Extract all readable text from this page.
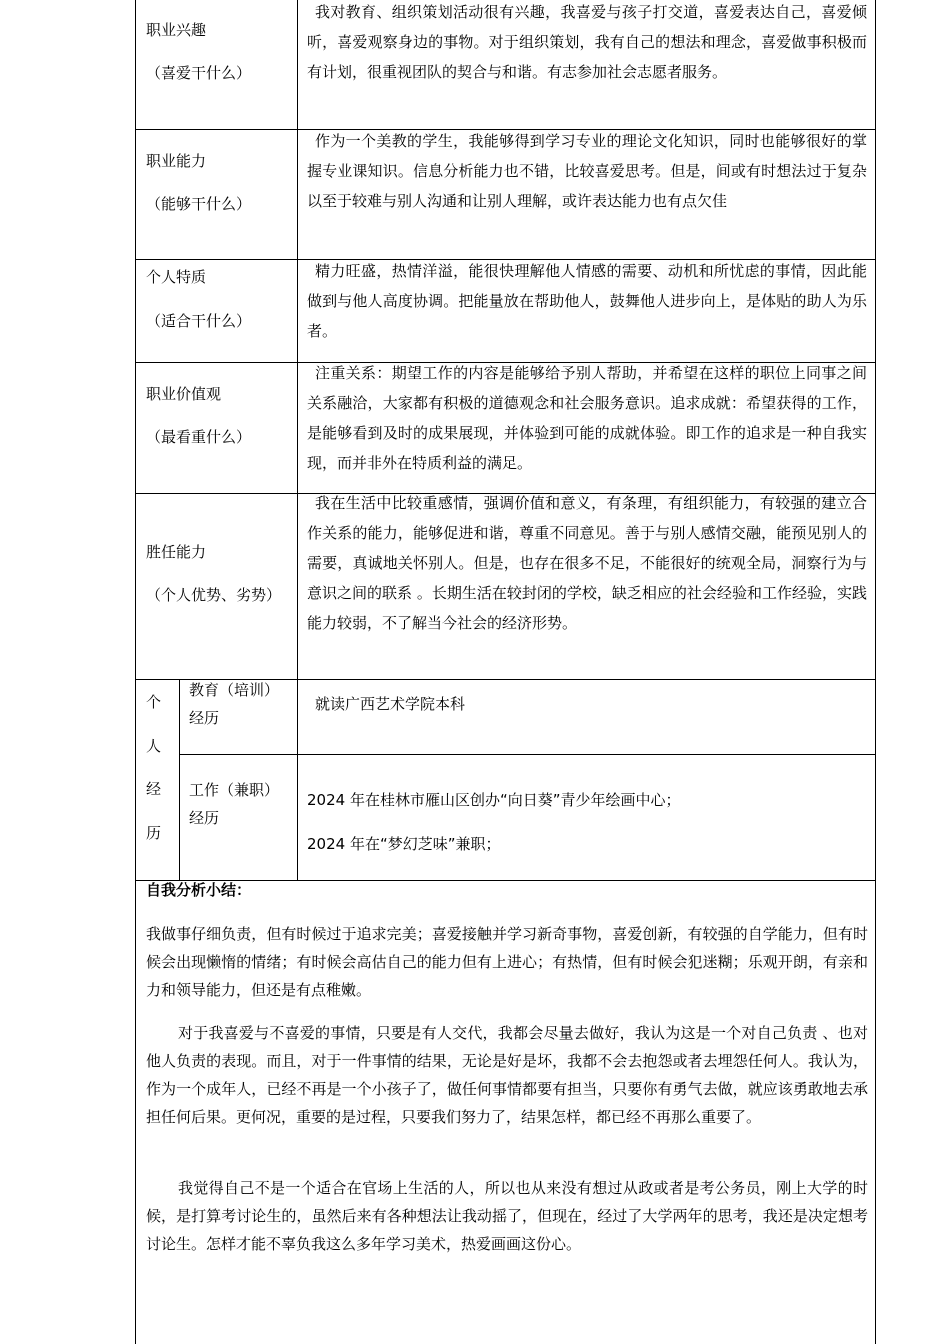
职业兴趣
（喜爱干什么）

我对教育、组织策划活动很有兴趣，我喜爱与孩子打交道，喜爱表达自己，喜爱倾听，喜爱观察身边的事物。对于组织策划，我有自己的想法和理念，喜爱做事积极而有计划，很重视团队的契合与和谐。有志参加社会志愿者服务。

职业能力
（能够干什么）

作为一个美教的学生，我能够得到学习专业的理论文化知识，同时也能够很好的掌握专业课知识。信息分析能力也不错，比较喜爱思考。但是，间或有时想法过于复杂以至于较难与别人沟通和让别人理解，或许表达能力也有点欠佳

个人特质
（适合干什么）

精力旺盛，热情洋溢，能很快理解他人情感的需要、动机和所忧虑的事情，因此能做到与他人高度协调。把能量放在帮助他人，鼓舞他人进步向上，是体贴的助人为乐者。

职业价值观
（最看重什么）

注重关系：期望工作的内容是能够给予别人帮助，并希望在这样的职位上同事之间关系融洽，大家都有积极的道德观念和社会服务意识。追求成就：希望获得的工作，是能够看到及时的成果展现，并体验到可能的成就体验。即工作的追求是一种自我实现，而并非外在特质利益的满足。

胜任能力
（个人优势、劣势）

我在生活中比较重感情，强调价值和意义，有条理，有组织能力，有较强的建立合作关系的能力，能够促进和谐，尊重不同意见。善于与别人感情交融，能预见别人的需要，真诚地关怀别人。但是，也存在很多不足，不能很好的统观全局，洞察行为与意识之间的联系 。长期生活在较封闭的学校，缺乏相应的社会经验和工作经验，实践能力较弱，不了解当今社会的经济形势。

个
人
经
历
教育（培训）
经历
就读广西艺术学院本科
工作（兼职）
经历
2024 年在桂林市雁山区创办“向日葵”青少年绘画中心；
2024 年在“梦幻芝味”兼职；
自我分析小结：

我做事仔细负责，但有时候过于追求完美；喜爱接触并学习新奇事物，喜爱创新，有较强的自学能力，但有时候会出现懒惰的情绪；有时候会高估自己的能力但有上进心；有热情，但有时候会犯迷糊；乐观开朗，有亲和力和领导能力，但还是有点稚嫩。

对于我喜爱与不喜爱的事情，只要是有人交代，我都会尽量去做好，我认为这是一个对自己负责 、也对他人负责的表现。而且，对于一件事情的结果，无论是好是坏，我都不会去抱怨或者去埋怨任何人。我认为，作为一个成年人，已经不再是一个小孩子了，做任何事情都要有担当，只要你有勇气去做，就应该勇敢地去承担任何后果。更何况，重要的是过程，只要我们努力了，结果怎样，都已经不再那么重要了。

我觉得自己不是一个适合在官场上生活的人，所以也从来没有想过从政或者是考公务员，刚上大学的时候，是打算考讨论生的，虽然后来有各种想法让我动摇了，但现在，经过了大学两年的思考，我还是决定想考讨论生。怎样才能不辜负我这么多年学习美术，热爱画画这份心。
